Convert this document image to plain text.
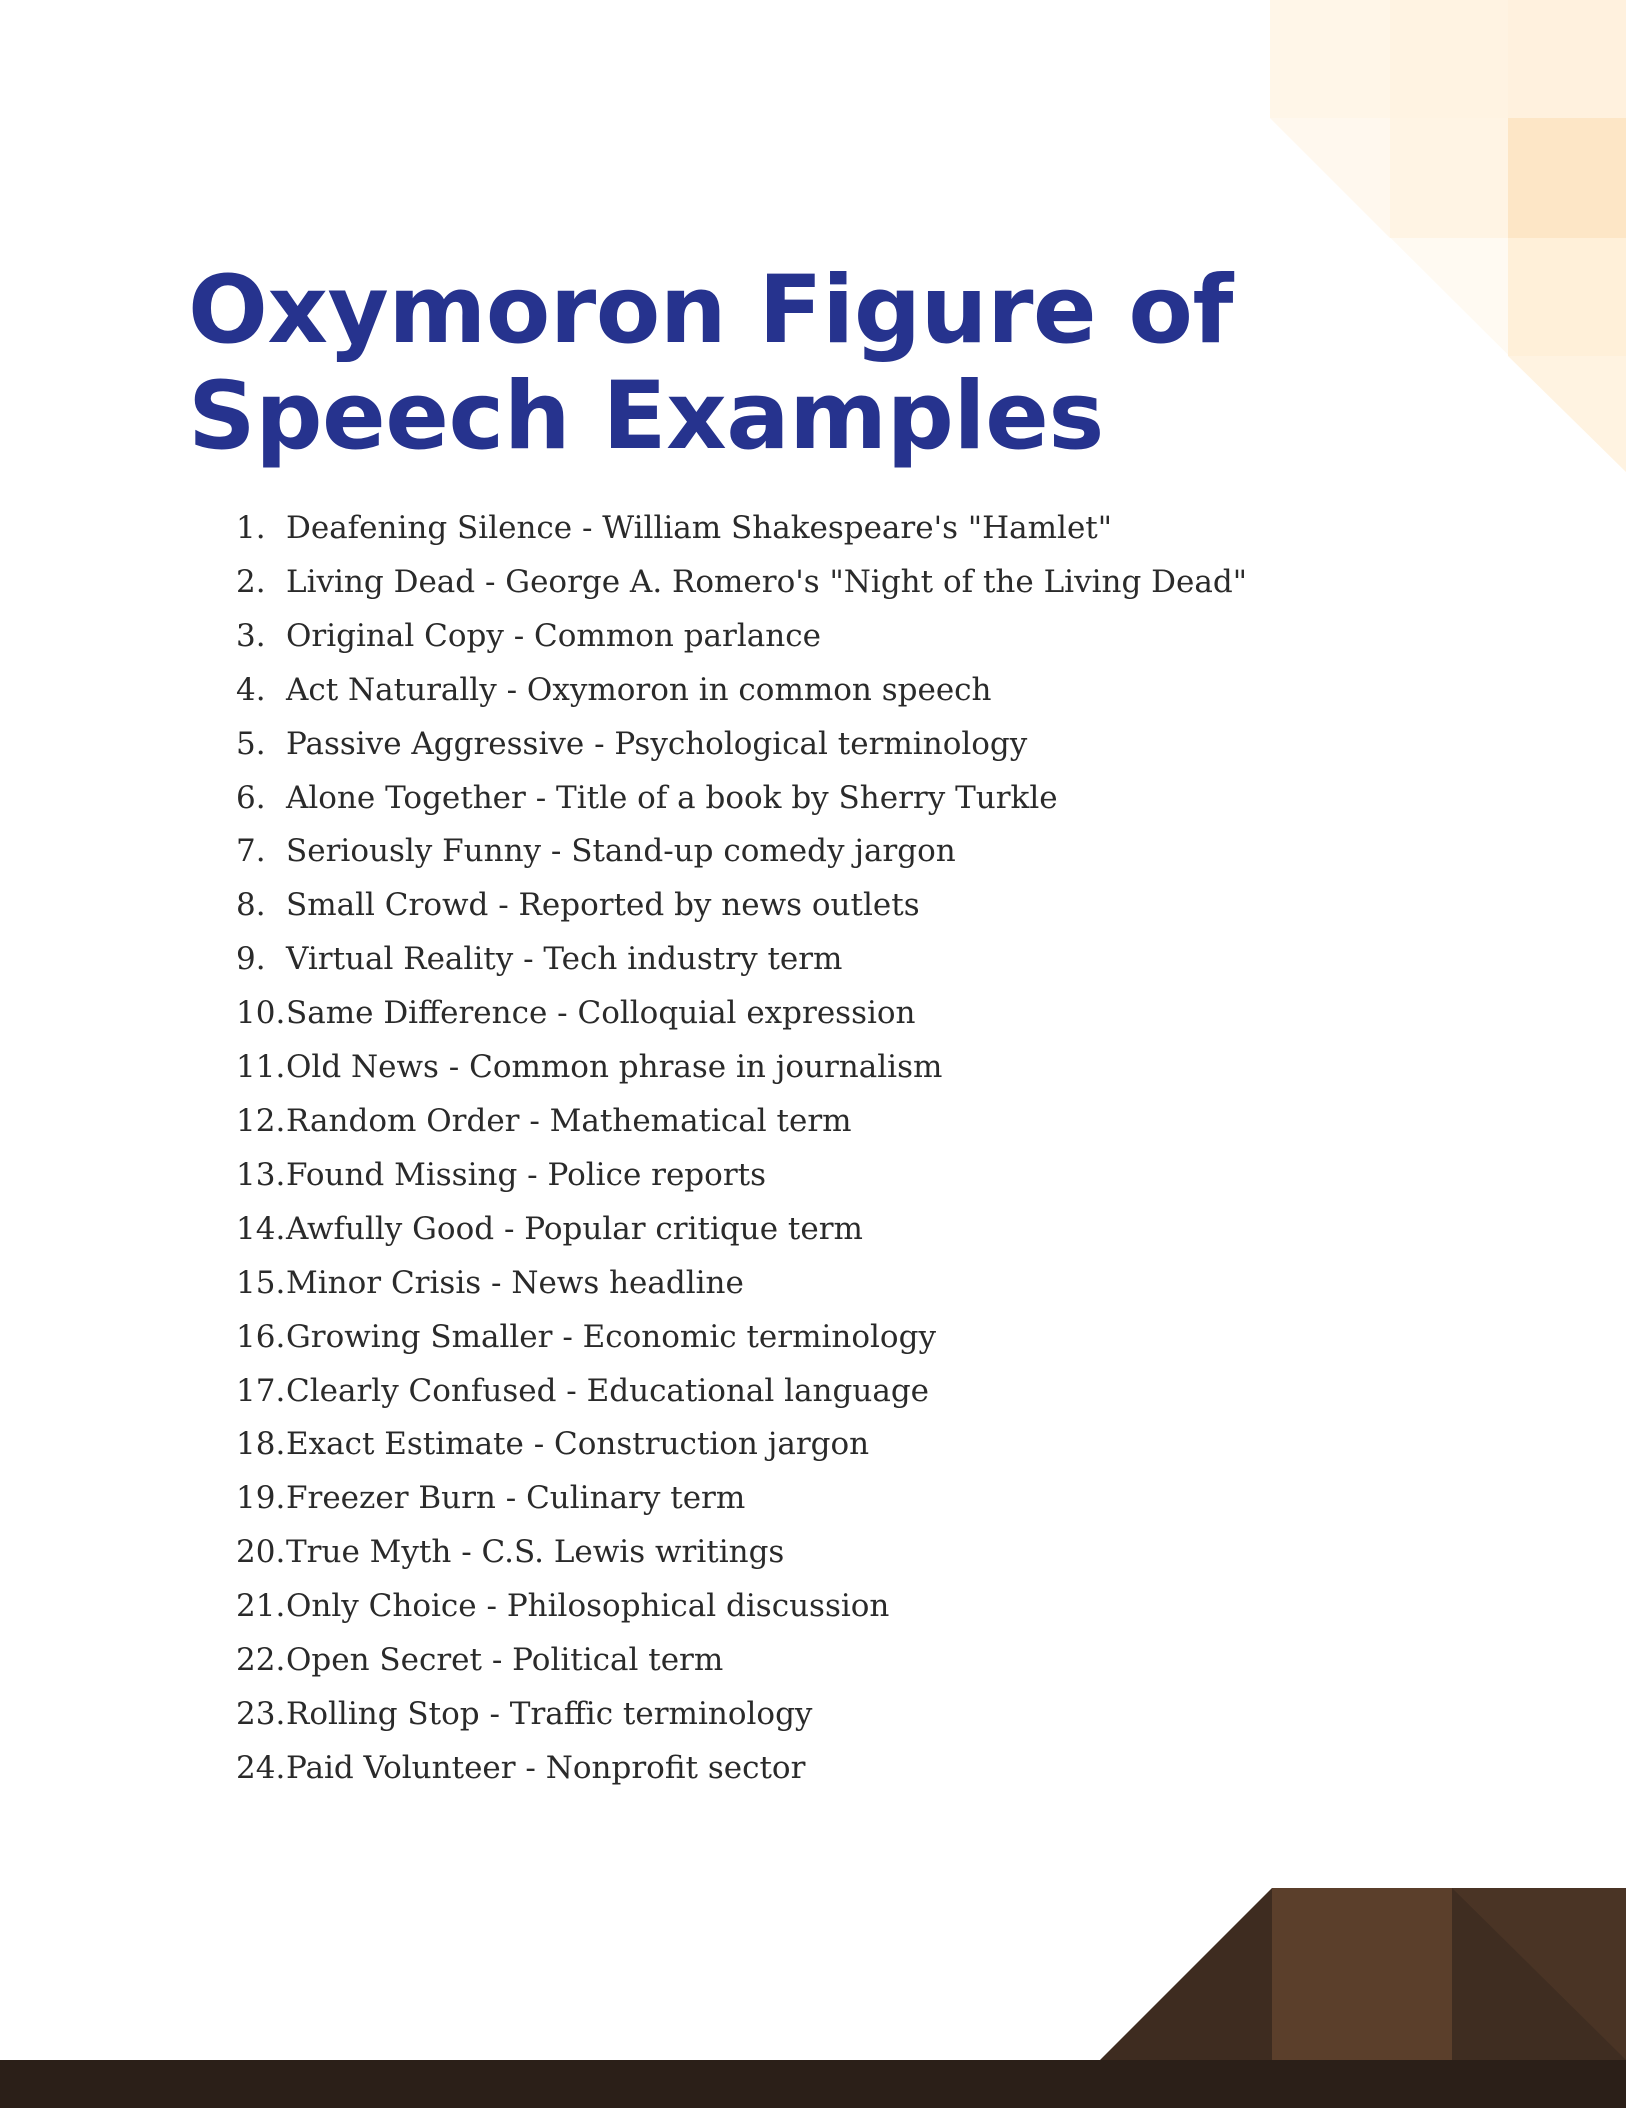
Oxymoron Figure of
Speech Examples
1. Deafening Silence - William Shakespeare's "Hamlet"
2. Living Dead - George A. Romero's "Night of the Living Dead"
3. Original Copy - Common parlance
4. Act Naturally - Oxymoron in common speech
5. Passive Aggressive - Psychological terminology
6. Alone Together - Title of a book by Sherry Turkle
7. Seriously Funny - Stand-up comedy jargon
8. Small Crowd - Reported by news outlets
9. Virtual Reality - Tech industry term
10. Same Difference - Colloquial expression
11. Old News - Common phrase in journalism
12. Random Order - Mathematical term
13. Found Missing - Police reports
14. Awfully Good - Popular critique term
15. Minor Crisis - News headline
16. Growing Smaller - Economic terminology
17. Clearly Confused - Educational language
18. Exact Estimate - Construction jargon
19. Freezer Burn - Culinary term
20. True Myth - C.S. Lewis writings
21. Only Choice - Philosophical discussion
22. Open Secret - Political term
23. Rolling Stop - Traffic terminology
24. Paid Volunteer - Nonprofit sector
